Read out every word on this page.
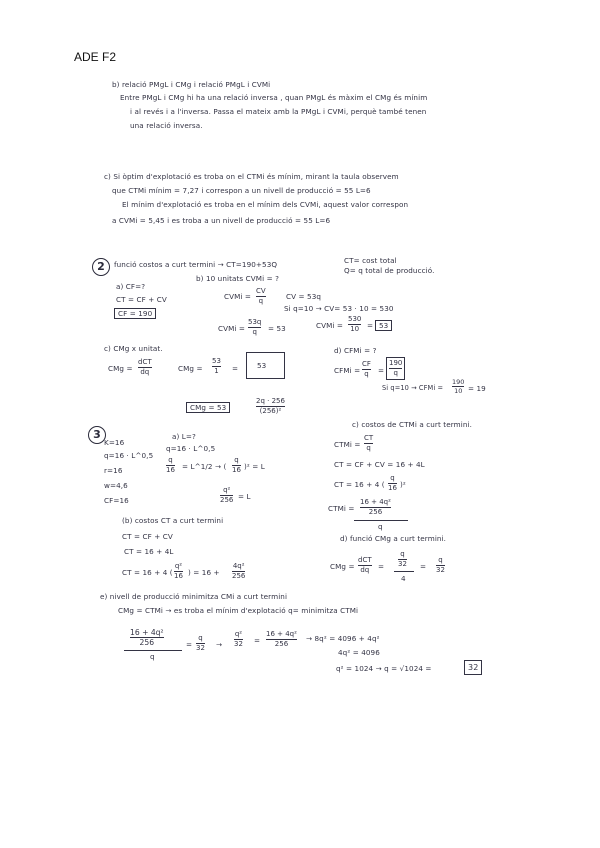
ADE F2
b) relació PMgL i CMg i relació PMgL i CVMi
Entre PMgL i CMg hi ha una relació inversa , quan PMgL és màxim el CMg és mínim
i al revés i a l'inversa. Passa el mateix amb la PMgL i CVMi, perquè també tenen
una relació inversa.
c) Si òptim d'explotació es troba on el CTMi és mínim, mirant la taula observem
que CTMi mínim = 7,27 i correspon a un nivell de producció = 55 L=6
El mínim d'explotació es troba en el mínim dels CVMi, aquest valor correspon
a CVMi = 5,45 i es troba a un nivell de producció = 55 L=6
2	funció costos a curt termini → CT=190+53Q	CT= cost total
Q= q total de producció.
a) CF=?
CT = CF + CV
CF = 190
b) 10 unitats CVMi = ?
CVMi =
CV
q	CV = 53q
Si q=10 → CV= 53 · 10 = 530
CVMi =
53q
q = 53	CVMi =
530
10 = 53
c) CMg x unitat.
CMg =
dCT
dq	CMg =
53
1 =	53
CMg = 53
2q · 256
(256)²
d) CFMi = ?
CFMi =
CF
q =
190
q
Si q=10 → CFMi =
190
10 = 19
3
K=16
q=16 · L^0,5
r=16
w=4,6
CF=16
a) L=?
q=16 · L^0,5
q
16 = L^1/2 → (
q
16 )² = L
q²
256 = L
(b) costos CT a curt termini
CT = CF + CV
CT = 16 + 4L
CT = 16 + 4 (
q²
16 ) = 16 +
4q²
256
c) costos de CTMi a curt termini.
CTMi =
CT
q
CT = CF + CV = 16 + 4L
CT = 16 + 4 (
q
16 )²
CTMi =
16 + 4q²
256
q
d) funció CMg a curt termini.
CMg =
dCT
dq =
q
32
4
=
q
32
e) nivell de producció minimitza CMi a curt termini
CMg = CTMi → es troba el mínim d'explotació q= minimitza CTMi
16 + 4q²
256
q
=
q
32 →
q²
32 =
16 + 4q²
256
→ 8q² = 4096 + 4q²
4q² = 4096
q² = 1024 → q = √1024 =	32
